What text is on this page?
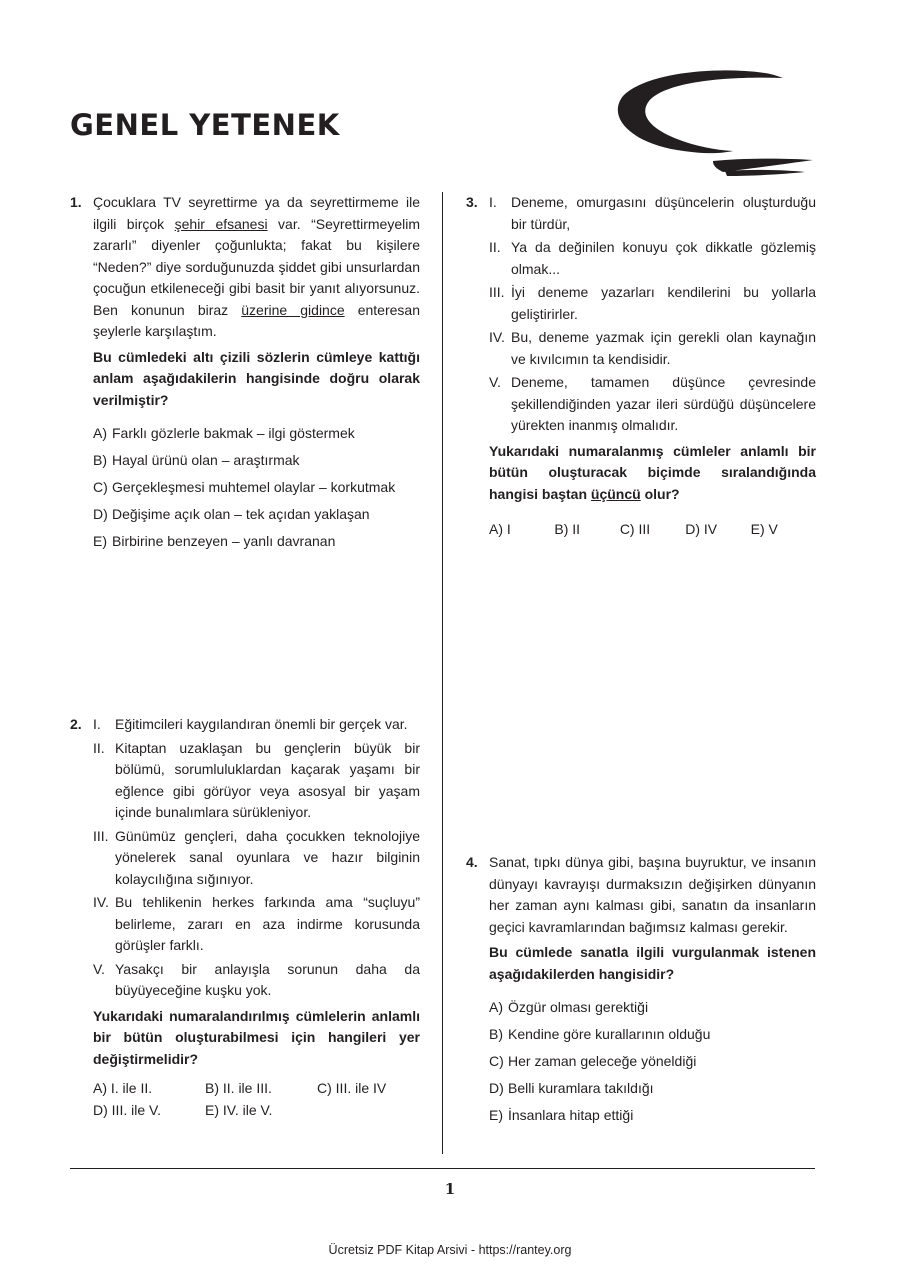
GENEL YETENEK
1. Çocuklara TV seyrettirme ya da seyrettirmeme ile ilgili birçok şehir efsanesi var. “Seyrettirmeyelim zararlı” diyenler çoğunlukta; fakat bu kişilere “Neden?” diye sorduğunuzda şiddet gibi unsurlardan çocuğun etkileneceği gibi basit bir yanıt alıyorsunuz. Ben konunun biraz üzerine gidince enteresan şeylerle karşılaştım.
Bu cümledeki altı çizili sözlerin cümleye kattığı anlam aşağıdakilerin hangisinde doğru olarak verilmiştir?
A) Farklı gözlerle bakmak – ilgi göstermek
B) Hayal ürünü olan – araştırmak
C) Gerçekleşmesi muhtemel olaylar – korkutmak
D) Değişime açık olan – tek açıdan yaklaşan
E) Birbirine benzeyen – yanlı davranan
2. I. Eğitimcileri kaygılandıran önemli bir gerçek var.
II. Kitaptan uzaklaşan bu gençlerin büyük bir bölümü, sorumluluklardan kaçarak yaşamı bir eğlence gibi görüyor veya asosyal bir yaşam içinde bunalımlara sürükleniyor.
III. Günümüz gençleri, daha çocukken teknolojiye yönelerek sanal oyunlara ve hazır bilginin kolaycılığına sığınıyor.
IV. Bu tehlikenin herkes farkında ama “suçluyu” belirleme, zararı en aza indirme korusunda görüşler farklı.
V. Yasakçı bir anlayışla sorunun daha da büyüyeceğine kuşku yok.
Yukarıdaki numaralandırılmış cümlelerin anlamlı bir bütün oluşturabilmesi için hangileri yer değiştirmelidir?
A) I. ile II.	B) II. ile III.	C) III. ile IV
D) III. ile V.	E) IV. ile V.
3. I. Deneme, omurgasını düşüncelerin oluşturduğu bir türdür,
II. Ya da değinilen konuyu çok dikkatle gözlemiş olmak...
III. İyi deneme yazarları kendilerini bu yollarla geliştirirler.
IV. Bu, deneme yazmak için gerekli olan kaynağın ve kıvılcımın ta kendisidir.
V. Deneme, tamamen düşünce çevresinde şekillendiğinden yazar ileri sürdüğü düşüncelere yürekten inanmış olmalıdır.
Yukarıdaki numaralanmış cümleler anlamlı bir bütün oluşturacak biçimde sıralandığında hangisi baştan üçüncü olur?
A) I	B) II	C) III	D) IV	E) V
4. Sanat, tıpkı dünya gibi, başına buyruktur, ve insanın dünyayı kavrayışı durmaksızın değişirken dünyanın her zaman aynı kalması gibi, sanatın da insanların geçici kavramlarından bağımsız kalması gerekir.
Bu cümlede sanatla ilgili vurgulanmak istenen aşağıdakilerden hangisidir?
A) Özgür olması gerektiği
B) Kendine göre kurallarının olduğu
C) Her zaman geleceğe yöneldiği
D) Belli kuramlara takıldığı
E) İnsanlara hitap ettiği
1
Ücretsiz PDF Kitap Arsivi - https://rantey.org
